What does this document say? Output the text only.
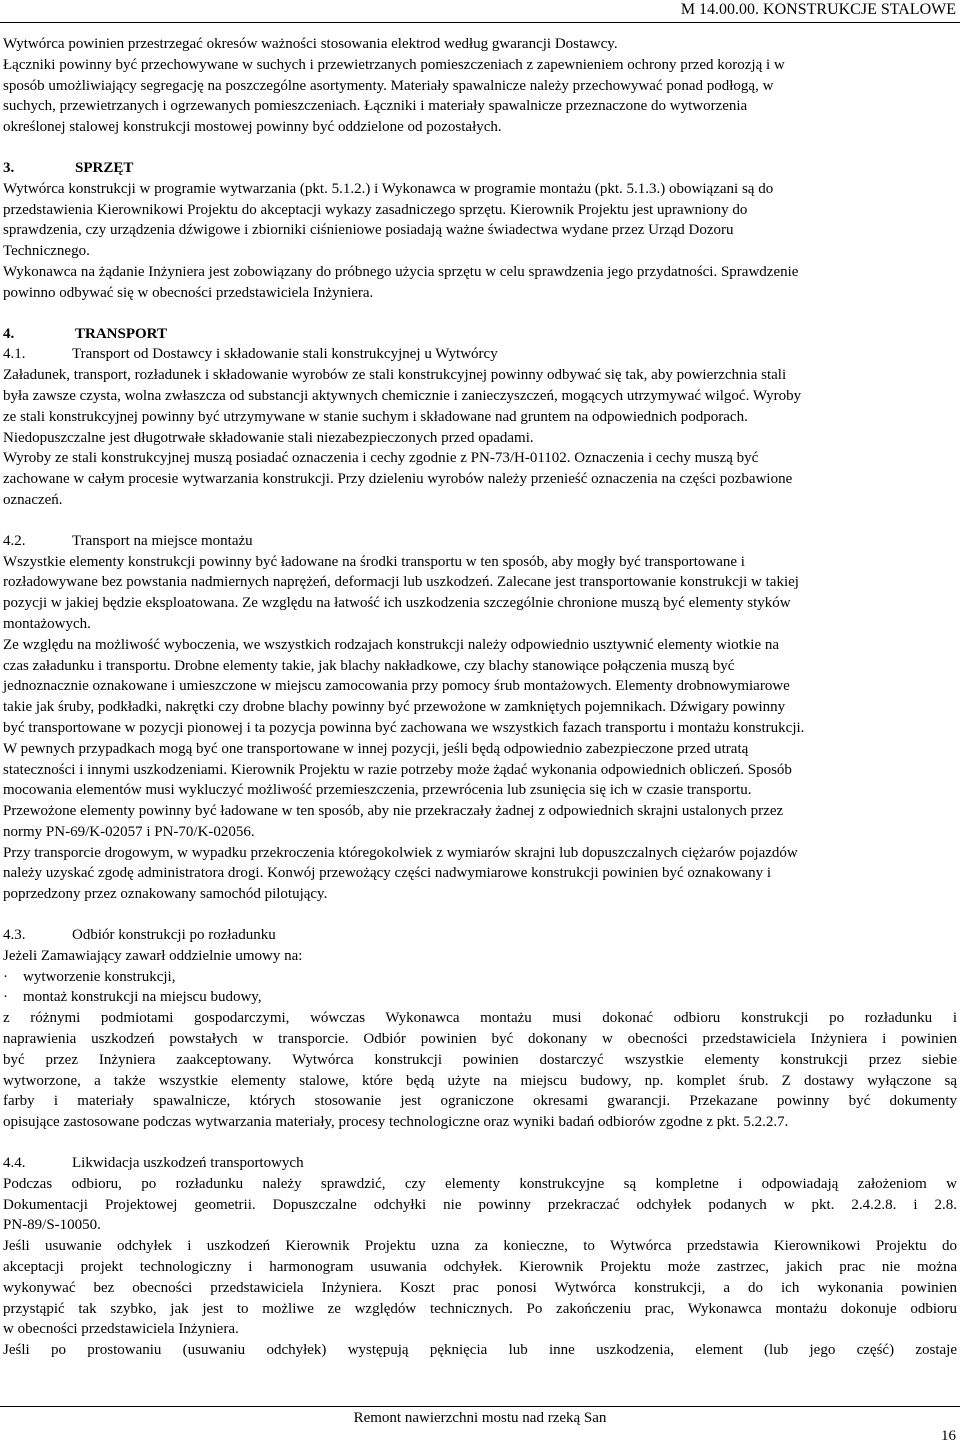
M 14.00.00. KONSTRUKCJE STALOWE

Wytwórca powinien przestrzegać okresów ważności stosowania elektrod według gwarancji Dostawcy.

Łączniki powinny być przechowywane w suchych i przewietrzanych pomieszczeniach z zapewnieniem ochrony przed korozją i w

sposób umożliwiający segregację na poszczególne asortymenty. Materiały spawalnicze należy przechowywać ponad podłogą, w

suchych, przewietrzanych i ogrzewanych pomieszczeniach. Łączniki i materiały spawalnicze przeznaczone do wytworzenia

określonej stalowej konstrukcji mostowej powinny być oddzielone od pozostałych.

3.	SPRZĘT

Wytwórca konstrukcji w programie wytwarzania (pkt. 5.1.2.) i Wykonawca w programie montażu (pkt. 5.1.3.) obowiązani są do

przedstawienia Kierownikowi Projektu do akceptacji wykazy zasadniczego sprzętu. Kierownik Projektu jest uprawniony do

sprawdzenia, czy urządzenia dźwigowe i zbiorniki ciśnieniowe posiadają ważne świadectwa wydane przez Urząd Dozoru

Technicznego.

Wykonawca na żądanie Inżyniera jest zobowiązany do próbnego użycia sprzętu w celu sprawdzenia jego przydatności. Sprawdzenie

powinno odbywać się w obecności przedstawiciela Inżyniera.

4.	TRANSPORT
4.1.	Transport od Dostawcy i składowanie stali konstrukcyjnej u Wytwórcy

Załadunek, transport, rozładunek i składowanie wyrobów ze stali konstrukcyjnej powinny odbywać się tak, aby powierzchnia stali

była zawsze czysta, wolna zwłaszcza od substancji aktywnych chemicznie i zanieczyszczeń, mogących utrzymywać wilgoć. Wyroby

ze stali konstrukcyjnej powinny być utrzymywane w stanie suchym i składowane nad gruntem na odpowiednich podporach.

Niedopuszczalne jest długotrwałe składowanie stali niezabezpieczonych przed opadami.

Wyroby ze stali konstrukcyjnej muszą posiadać oznaczenia i cechy zgodnie z PN-73/H-01102. Oznaczenia i cechy muszą być

zachowane w całym procesie wytwarzania konstrukcji. Przy dzieleniu wyrobów należy przenieść oznaczenia na części pozbawione

oznaczeń.

4.2.	Transport na miejsce montażu

Wszystkie elementy konstrukcji powinny być ładowane na środki transportu w ten sposób, aby mogły być transportowane i

rozładowywane bez powstania nadmiernych naprężeń, deformacji lub uszkodzeń. Zalecane jest transportowanie konstrukcji w takiej

pozycji w jakiej będzie eksploatowana. Ze względu na łatwość ich uszkodzenia szczególnie chronione muszą być elementy styków

montażowych.

Ze względu na możliwość wyboczenia, we wszystkich rodzajach konstrukcji należy odpowiednio usztywnić elementy wiotkie na

czas załadunku i transportu. Drobne elementy takie, jak blachy nakładkowe, czy blachy stanowiące połączenia muszą być

jednoznacznie oznakowane i umieszczone w miejscu zamocowania przy pomocy śrub montażowych. Elementy drobnowymiarowe

takie jak śruby, podkładki, nakrętki czy drobne blachy powinny być przewożone w zamkniętych pojemnikach. Dźwigary powinny

być transportowane w pozycji pionowej i ta pozycja powinna być zachowana we wszystkich fazach transportu i montażu konstrukcji.

W pewnych przypadkach mogą być one transportowane w innej pozycji, jeśli będą odpowiednio zabezpieczone przed utratą

stateczności i innymi uszkodzeniami. Kierownik Projektu w razie potrzeby może żądać wykonania odpowiednich obliczeń. Sposób

mocowania elementów musi wykluczyć możliwość przemieszczenia, przewrócenia lub zsunięcia się ich w czasie transportu.

Przewożone elementy powinny być ładowane w ten sposób, aby nie przekraczały żadnej z odpowiednich skrajni ustalonych przez

normy PN-69/K-02057 i PN-70/K-02056.

Przy transporcie drogowym, w wypadku przekroczenia któregokolwiek z wymiarów skrajni lub dopuszczalnych ciężarów pojazdów

należy uzyskać zgodę administratora drogi. Konwój przewożący części nadwymiarowe konstrukcji powinien być oznakowany i

poprzedzony przez oznakowany samochód pilotujący.

4.3.	Odbiór konstrukcji po rozładunku

Jeżeli Zamawiający zawarł oddzielnie umowy na:

·	wytworzenie konstrukcji,
·	montaż konstrukcji na miejscu budowy,

z różnymi podmiotami gospodarczymi, wówczas Wykonawca montażu musi dokonać odbioru konstrukcji po rozładunku i

naprawienia uszkodzeń powstałych w transporcie. Odbiór powinien być dokonany w obecności przedstawiciela Inżyniera i powinien

być przez Inżyniera zaakceptowany. Wytwórca konstrukcji powinien dostarczyć wszystkie elementy konstrukcji przez siebie

wytworzone, a także wszystkie elementy stalowe, które będą użyte na miejscu budowy, np. komplet śrub. Z dostawy wyłączone są

farby i materiały spawalnicze, których stosowanie jest ograniczone okresami gwarancji. Przekazane powinny być dokumenty

opisujące zastosowane podczas wytwarzania materiały, procesy technologiczne oraz wyniki badań odbiorów zgodne z pkt. 5.2.2.7.

4.4.	Likwidacja uszkodzeń transportowych

Podczas odbioru, po rozładunku należy sprawdzić, czy elementy konstrukcyjne są kompletne i odpowiadają założeniom w

Dokumentacji Projektowej geometrii. Dopuszczalne odchyłki nie powinny przekraczać odchyłek podanych w pkt. 2.4.2.8. i 2.8.

PN-89/S-10050.

Jeśli usuwanie odchyłek i uszkodzeń Kierownik Projektu uzna za konieczne, to Wytwórca przedstawia Kierownikowi Projektu do

akceptacji projekt technologiczny i harmonogram usuwania odchyłek. Kierownik Projektu może zastrzec, jakich prac nie można

wykonywać bez obecności przedstawiciela Inżyniera. Koszt prac ponosi Wytwórca konstrukcji, a do ich wykonania powinien

przystąpić tak szybko, jak jest to możliwe ze względów technicznych. Po zakończeniu prac, Wykonawca montażu dokonuje odbioru

w obecności przedstawiciela Inżyniera.

Jeśli po prostowaniu (usuwaniu odchyłek) występują pęknięcia lub inne uszkodzenia, element (lub jego część) zostaje

Remont nawierzchni mostu nad rzeką San
16
